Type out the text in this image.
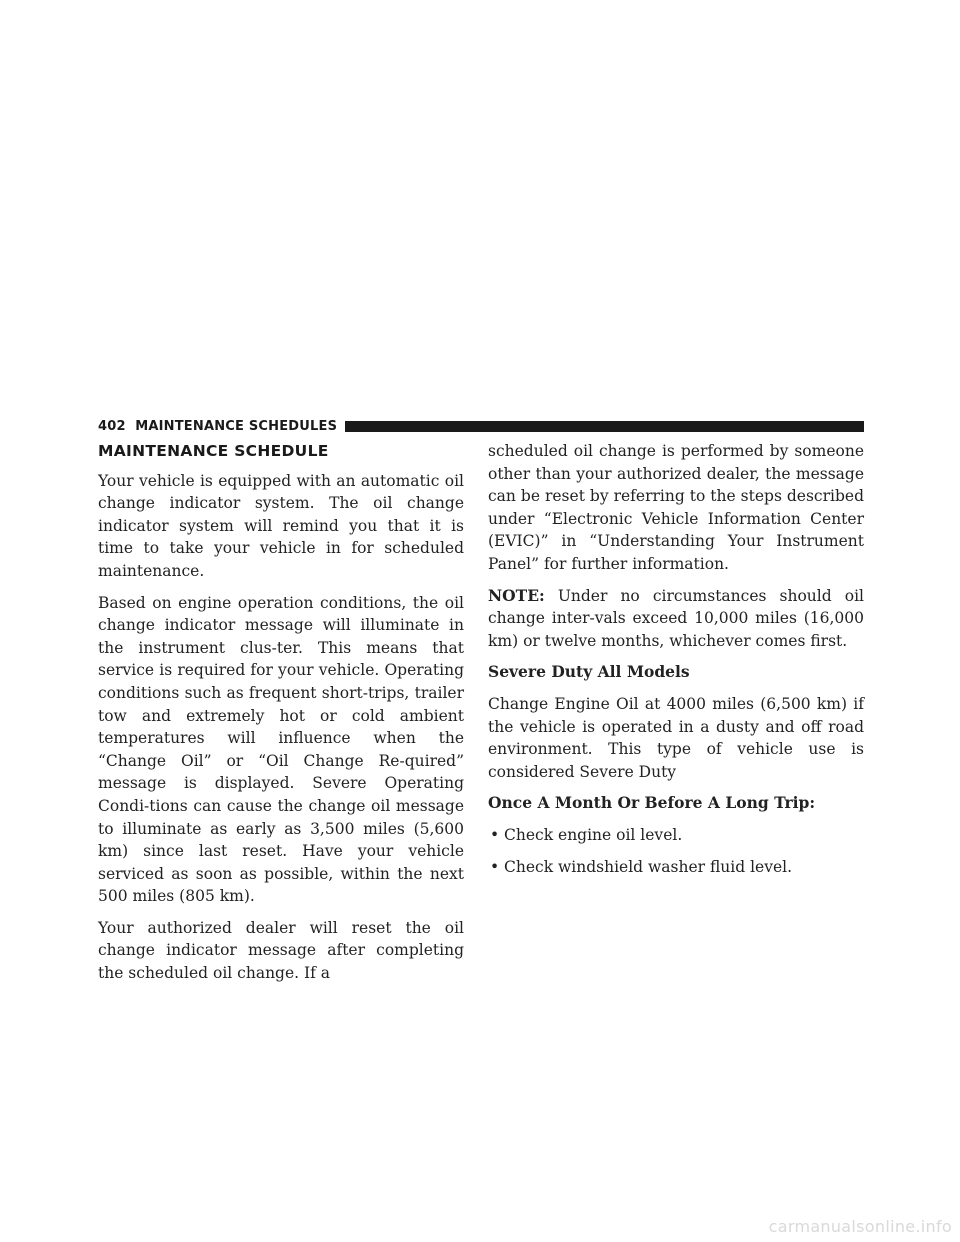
402 MAINTENANCE SCHEDULES
MAINTENANCE SCHEDULE

Your vehicle is equipped with an automatic oil change indicator system. The oil change indicator system will remind you that it is time to take your vehicle in for scheduled maintenance.

Based on engine operation conditions, the oil change indicator message will illuminate in the instrument clus-ter. This means that service is required for your vehicle. Operating conditions such as frequent short-trips, trailer tow and extremely hot or cold ambient temperatures will influence when the “Change Oil” or “Oil Change Re-quired” message is displayed. Severe Operating Condi-tions can cause the change oil message to illuminate as early as 3,500 miles (5,600 km) since last reset. Have your vehicle serviced as soon as possible, within the next 500 miles (805 km).

Your authorized dealer will reset the oil change indicator message after completing the scheduled oil change. If a

scheduled oil change is performed by someone other than your authorized dealer, the message can be reset by referring to the steps described under “Electronic Vehicle Information Center (EVIC)” in “Understanding Your Instrument Panel” for further information.

NOTE: Under no circumstances should oil change inter-vals exceed 10,000 miles (16,000 km) or twelve months, whichever comes first.

Severe Duty All Models

Change Engine Oil at 4000 miles (6,500 km) if the vehicle is operated in a dusty and off road environment. This type of vehicle use is considered Severe Duty

Once A Month Or Before A Long Trip:

• Check engine oil level.
• Check windshield washer fluid level.
carmanualsonline.info
